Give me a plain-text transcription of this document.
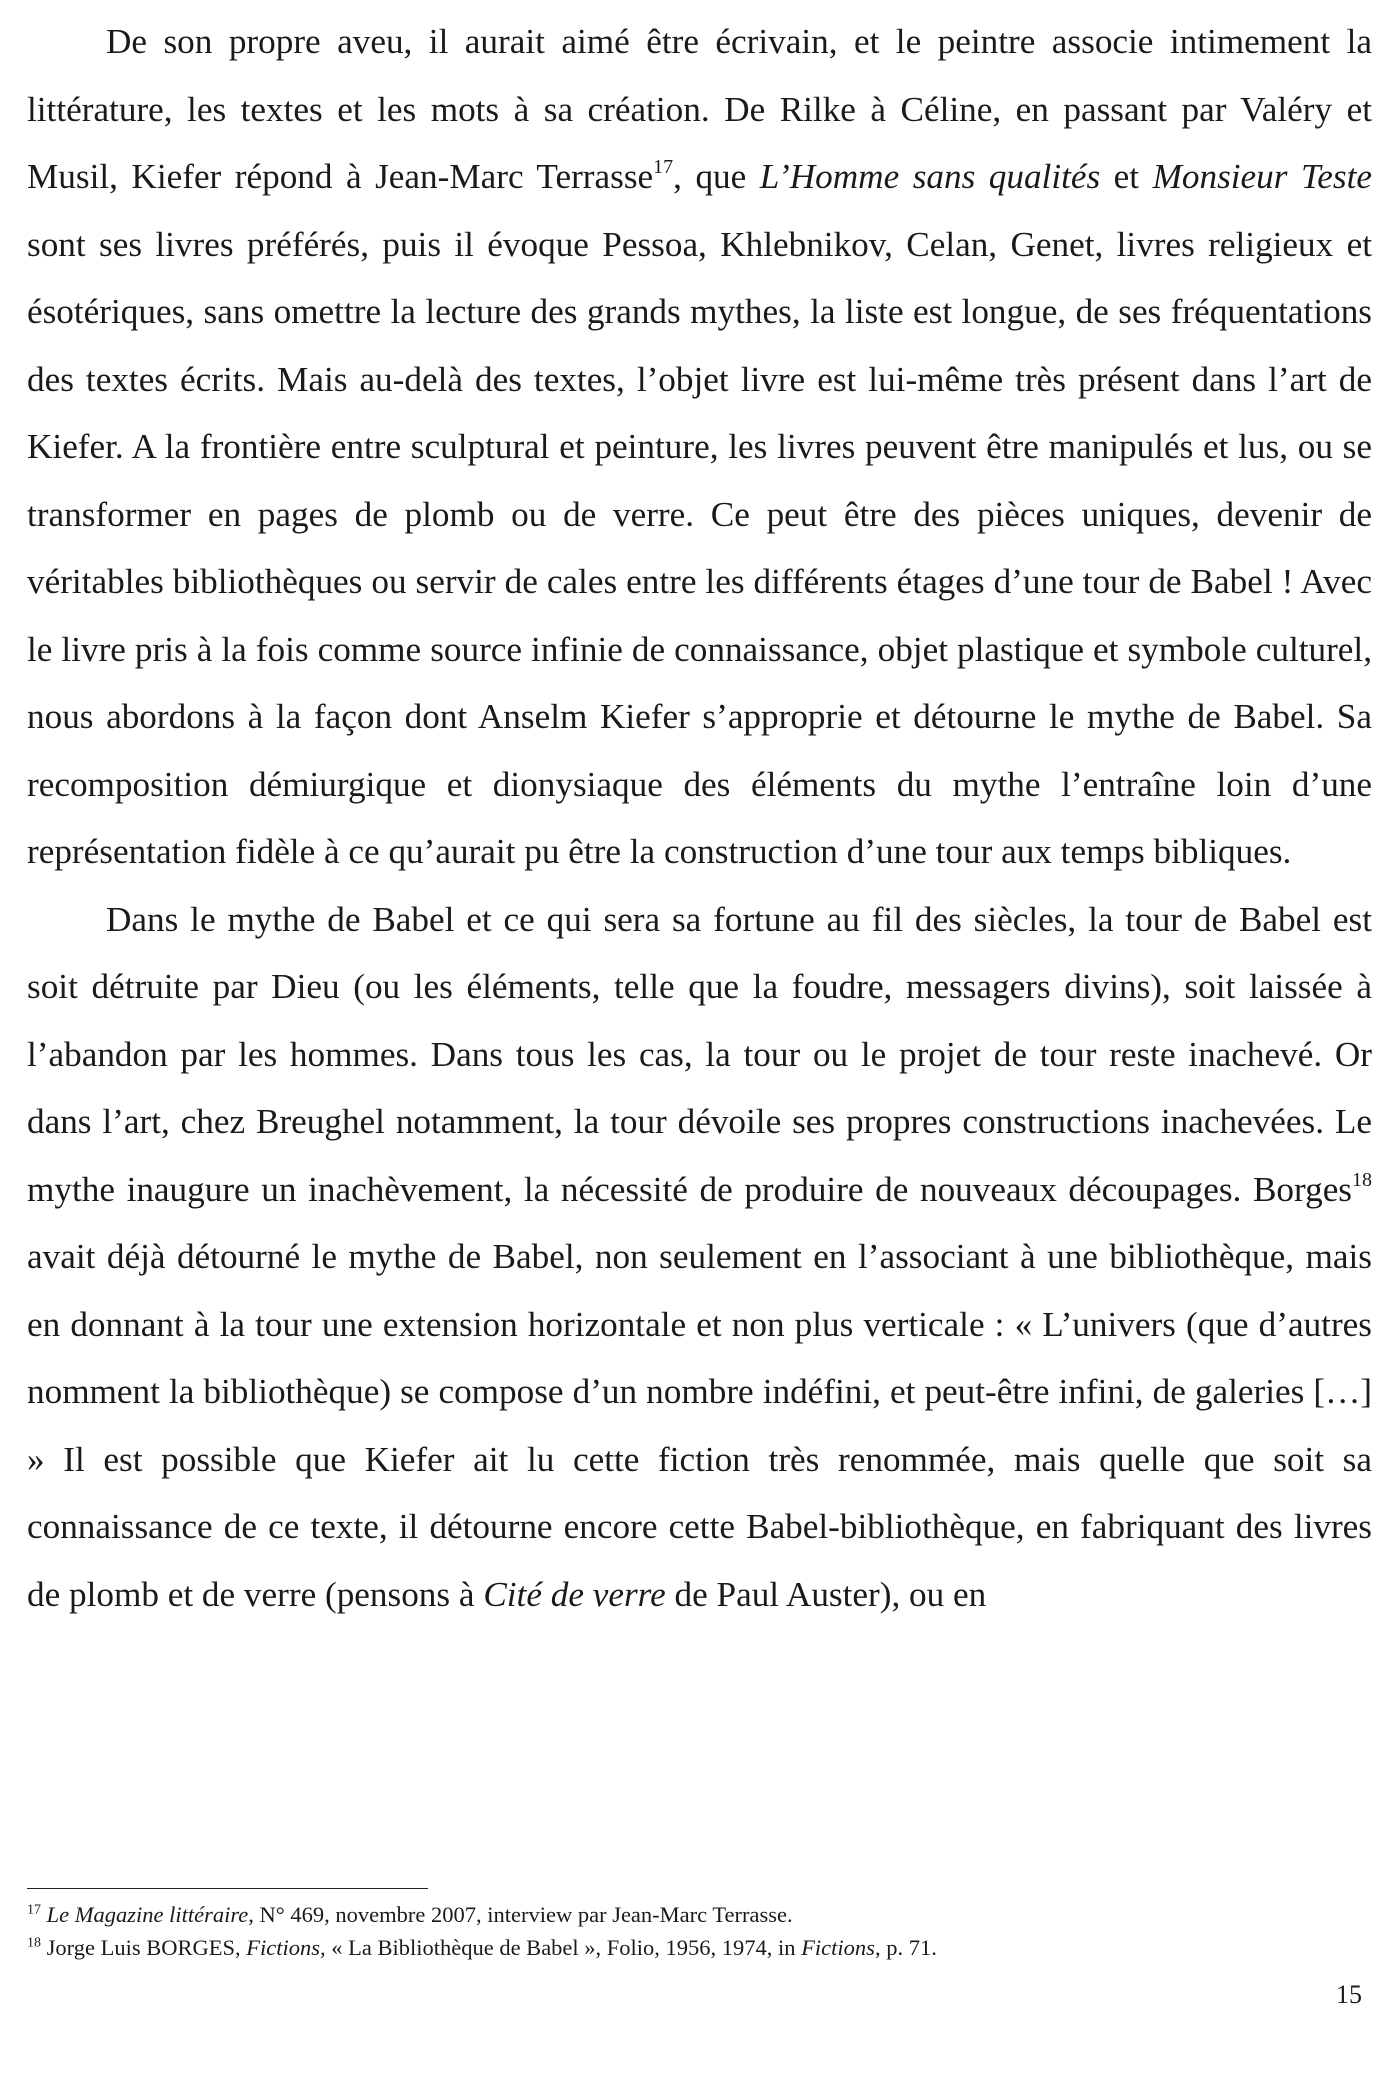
De son propre aveu, il aurait aimé être écrivain, et le peintre associe intimement la littérature, les textes et les mots à sa création. De Rilke à Céline, en passant par Valéry et Musil, Kiefer répond à Jean-Marc Terrasse$^{17}$, que L’Homme sans qualités et Monsieur Teste sont ses livres préférés, puis il évoque Pessoa, Khlebnikov, Celan, Genet, livres religieux et ésotériques, sans omettre la lecture des grands mythes, la liste est longue, de ses fréquentations des textes écrits. Mais au-delà des textes, l’objet livre est lui-même très présent dans l’art de Kiefer. A la frontière entre sculptural et peinture, les livres peuvent être manipulés et lus, ou se transformer en pages de plomb ou de verre. Ce peut être des pièces uniques, devenir de véritables bibliothèques ou servir de cales entre les différents étages d’une tour de Babel ! Avec le livre pris à la fois comme source infinie de connaissance, objet plastique et symbole culturel, nous abordons à la façon dont Anselm Kiefer s’approprie et détourne le mythe de Babel. Sa recomposition démiurgique et dionysiaque des éléments du mythe l’entraîne loin d’une représentation fidèle à ce qu’aurait pu être la construction d’une tour aux temps bibliques.

Dans le mythe de Babel et ce qui sera sa fortune au fil des siècles, la tour de Babel est soit détruite par Dieu (ou les éléments, telle que la foudre, messagers divins), soit laissée à l’abandon par les hommes. Dans tous les cas, la tour ou le projet de tour reste inachevé. Or dans l’art, chez Breughel notamment, la tour dévoile ses propres constructions inachevées. Le mythe inaugure un inachèvement, la nécessité de produire de nouveaux découpages. Borges$^{18}$ avait déjà détourné le mythe de Babel, non seulement en l’associant à une bibliothèque, mais en donnant à la tour une extension horizontale et non plus verticale : « L’univers (que d’autres nomment la bibliothèque) se compose d’un nombre indéfini, et peut-être infini, de galeries […] » Il est possible que Kiefer ait lu cette fiction très renommée, mais quelle que soit sa connaissance de ce texte, il détourne encore cette Babel-bibliothèque, en fabriquant des livres de plomb et de verre (pensons à Cité de verre de Paul Auster), ou en

$^{17}$ Le Magazine littéraire, N° 469, novembre 2007, interview par Jean-Marc Terrasse.
$^{18}$ Jorge Luis BORGES, Fictions, « La Bibliothèque de Babel », Folio, 1956, 1974, in Fictions, p. 71.
15
